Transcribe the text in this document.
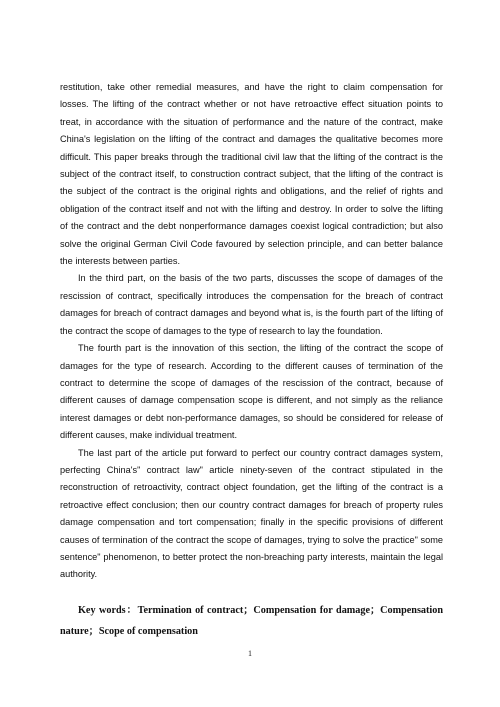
restitution, take other remedial measures, and have the right to claim compensation for losses. The lifting of the contract whether or not have retroactive effect situation points to treat, in accordance with the situation of performance and the nature of the contract, make China's legislation on the lifting of the contract and damages the qualitative becomes more difficult. This paper breaks through the traditional civil law that the lifting of the contract is the subject of the contract itself, to construction contract subject, that the lifting of the contract is the subject of the contract is the original rights and obligations, and the relief of rights and obligation of the contract itself and not with the lifting and destroy. In order to solve the lifting of the contract and the debt nonperformance damages coexist logical contradiction; but also solve the original German Civil Code favoured by selection principle, and can better balance the interests between parties.

In the third part, on the basis of the two parts, discusses the scope of damages of the rescission of contract, specifically introduces the compensation for the breach of contract damages for breach of contract damages and beyond what is, is the fourth part of the lifting of the contract the scope of damages to the type of research to lay the foundation.

The fourth part is the innovation of this section, the lifting of the contract the scope of damages for the type of research. According to the different causes of termination of the contract to determine the scope of damages of the rescission of the contract, because of different causes of damage compensation scope is different, and not simply as the reliance interest damages or debt non-performance damages, so should be considered for release of different causes, make individual treatment.

The last part of the article put forward to perfect our country contract damages system, perfecting China's" contract law" article ninety-seven of the contract stipulated in the reconstruction of retroactivity, contract object foundation, get the lifting of the contract is a retroactive effect conclusion; then our country contract damages for breach of property rules damage compensation and tort compensation; finally in the specific provisions of different causes of termination of the contract the scope of damages, trying to solve the practice" some sentence" phenomenon, to better protect the non-breaching party interests, maintain the legal authority.

Key words：Termination of contract；Compensation for damage；Compensation nature；Scope of compensation
1
